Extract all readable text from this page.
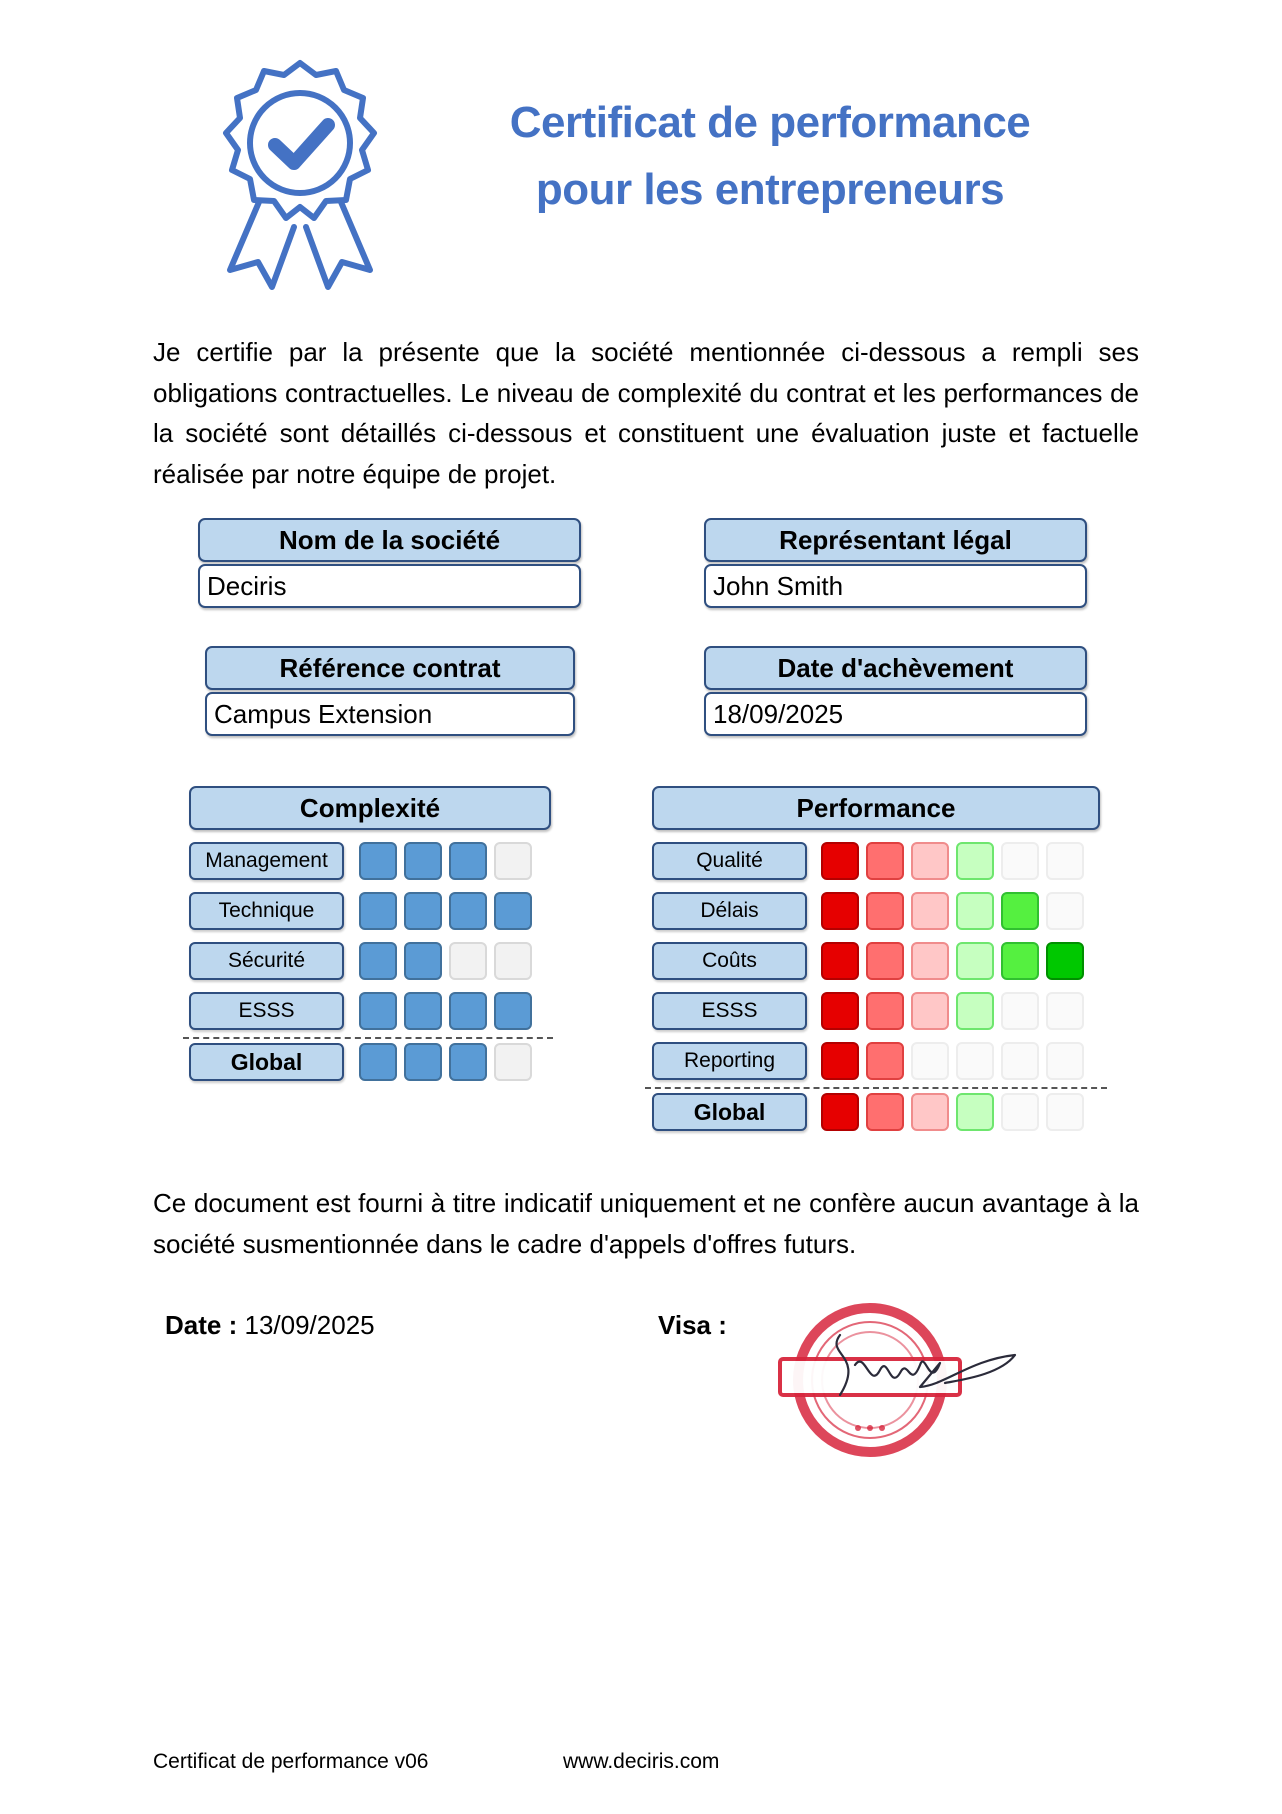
Certificat de performance
pour les entrepreneurs

Je certifie par la présente que la société mentionnée ci-dessous a rempli ses obligations contractuelles. Le niveau de complexité du contrat et les performances de la société sont détaillés ci-dessous et constituent une évaluation juste et factuelle réalisée par notre équipe de projet.

Nom de la société
Deciris
Représentant légal
John Smith
Référence contrat
Campus Extension
Date d'achèvement
18/09/2025
Complexité
Management
Technique
Sécurité
ESSS
Global
Performance
Qualité
Délais
Coûts
ESSS
Reporting
Global

Ce document est fourni à titre indicatif uniquement et ne confère aucun avantage à la société susmentionnée dans le cadre d'appels d'offres futurs.

Date : 13/09/2025	Visa :
Certificat de performance v06	www.deciris.com
